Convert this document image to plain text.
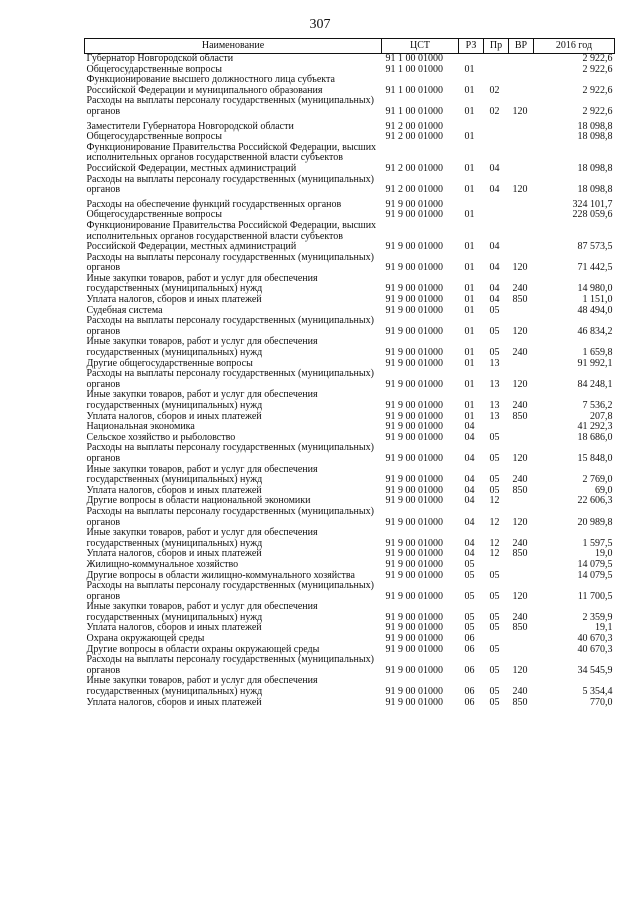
307
Наименование	ЦСТ	РЗ	Пр	ВР	2016 год
Губернатор Новгородской области	91 1 00 01000				2 922,6
Общегосударственные вопросы	91 1 00 01000	01			2 922,6
Функционирование высшего должностного лица субъекта Российской Федерации и муниципального образования	91 1 00 01000	01	02		2 922,6
Расходы на выплаты персоналу государственных (муниципальных) органов	91 1 00 01000	01	02	120	2 922,6
Заместители Губернатора Новгородской области	91 2 00 01000				18 098,8
Общегосударственные вопросы	91 2 00 01000	01			18 098,8
Функционирование Правительства Российской Федерации, высших исполнительных органов государственной власти субъектов Российской Федерации, местных администраций	91 2 00 01000	01	04		18 098,8
Расходы на выплаты персоналу государственных (муниципальных) органов	91 2 00 01000	01	04	120	18 098,8
Расходы на обеспечение функций государственных органов	91 9 00 01000				324 101,7
Общегосударственные вопросы	91 9 00 01000	01			228 059,6
Функционирование Правительства Российской Федерации, высших исполнительных органов государственной власти субъектов Российской Федерации, местных администраций	91 9 00 01000	01	04		87 573,5
Расходы на выплаты персоналу государственных (муниципальных) органов	91 9 00 01000	01	04	120	71 442,5
Иные закупки товаров, работ и услуг для обеспечения государственных (муниципальных) нужд	91 9 00 01000	01	04	240	14 980,0
Уплата налогов, сборов и иных платежей	91 9 00 01000	01	04	850	1 151,0
Судебная система	91 9 00 01000	01	05		48 494,0
Расходы на выплаты персоналу государственных (муниципальных) органов	91 9 00 01000	01	05	120	46 834,2
Иные закупки товаров, работ и услуг для обеспечения государственных (муниципальных) нужд	91 9 00 01000	01	05	240	1 659,8
Другие общегосударственные вопросы	91 9 00 01000	01	13		91 992,1
Расходы на выплаты персоналу государственных (муниципальных) органов	91 9 00 01000	01	13	120	84 248,1
Иные закупки товаров, работ и услуг для обеспечения государственных (муниципальных) нужд	91 9 00 01000	01	13	240	7 536,2
Уплата налогов, сборов и иных платежей	91 9 00 01000	01	13	850	207,8
Национальная экономика	91 9 00 01000	04			41 292,3
Сельское хозяйство и рыболовство	91 9 00 01000	04	05		18 686,0
Расходы на выплаты персоналу государственных (муниципальных) органов	91 9 00 01000	04	05	120	15 848,0
Иные закупки товаров, работ и услуг для обеспечения государственных (муниципальных) нужд	91 9 00 01000	04	05	240	2 769,0
Уплата налогов, сборов и иных платежей	91 9 00 01000	04	05	850	69,0
Другие вопросы в области национальной экономики	91 9 00 01000	04	12		22 606,3
Расходы на выплаты персоналу государственных (муниципальных) органов	91 9 00 01000	04	12	120	20 989,8
Иные закупки товаров, работ и услуг для обеспечения государственных (муниципальных) нужд	91 9 00 01000	04	12	240	1 597,5
Уплата налогов, сборов и иных платежей	91 9 00 01000	04	12	850	19,0
Жилищно-коммунальное хозяйство	91 9 00 01000	05			14 079,5
Другие вопросы в области жилищно-коммунального хозяйства	91 9 00 01000	05	05		14 079,5
Расходы на выплаты персоналу государственных (муниципальных) органов	91 9 00 01000	05	05	120	11 700,5
Иные закупки товаров, работ и услуг для обеспечения государственных (муниципальных) нужд	91 9 00 01000	05	05	240	2 359,9
Уплата налогов, сборов и иных платежей	91 9 00 01000	05	05	850	19,1
Охрана окружающей среды	91 9 00 01000	06			40 670,3
Другие вопросы в области охраны окружающей среды	91 9 00 01000	06	05		40 670,3
Расходы на выплаты персоналу государственных (муниципальных) органов	91 9 00 01000	06	05	120	34 545,9
Иные закупки товаров, работ и услуг для обеспечения государственных (муниципальных) нужд	91 9 00 01000	06	05	240	5 354,4
Уплата налогов, сборов и иных платежей	91 9 00 01000	06	05	850	770,0
